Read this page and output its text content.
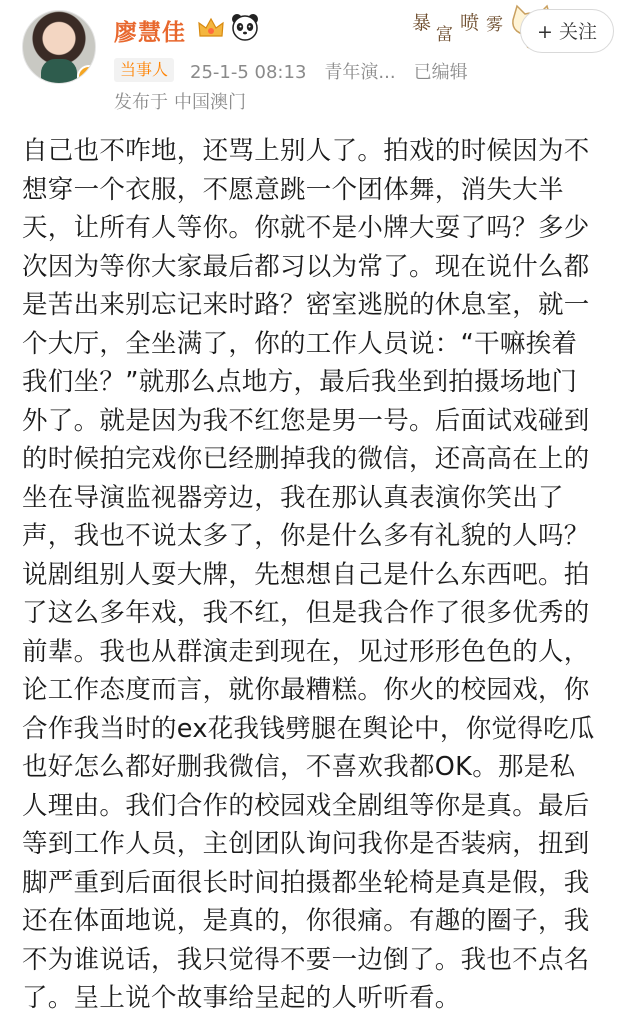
V
廖慧佳
当事人	25-1-5 08:13 青年演... 已编辑
发布于 中国澳门
暴
富
喷 雾	+ 关注

自己也不咋地，还骂上别人了。拍戏的时候因为不

想穿一个衣服，不愿意跳一个团体舞，消失大半

天，让所有人等你。你就不是小牌大耍了吗？多少

次因为等你大家最后都习以为常了。现在说什么都

是苦出来别忘记来时路？密室逃脱的休息室，就一

个大厅，全坐满了，你的工作人员说：“干嘛挨着

我们坐？”就那么点地方，最后我坐到拍摄场地门

外了。就是因为我不红您是男一号。后面试戏碰到

的时候拍完戏你已经删掉我的微信，还高高在上的

坐在导演监视器旁边，我在那认真表演你笑出了

声，我也不说太多了，你是什么多有礼貌的人吗？

说剧组别人耍大牌，先想想自己是什么东西吧。拍

了这么多年戏，我不红，但是我合作了很多优秀的

前辈。我也从群演走到现在，见过形形色色的人，

论工作态度而言，就你最糟糕。你火的校园戏，你

合作我当时的ex花我钱劈腿在舆论中，你觉得吃瓜

也好怎么都好删我微信，不喜欢我都OK。那是私

人理由。我们合作的校园戏全剧组等你是真。最后

等到工作人员，主创团队询问我你是否装病，扭到

脚严重到后面很长时间拍摄都坐轮椅是真是假，我

还在体面地说，是真的，你很痛。有趣的圈子，我

不为谁说话，我只觉得不要一边倒了。我也不点名

了。呈上说个故事给呈起的人听听看。
